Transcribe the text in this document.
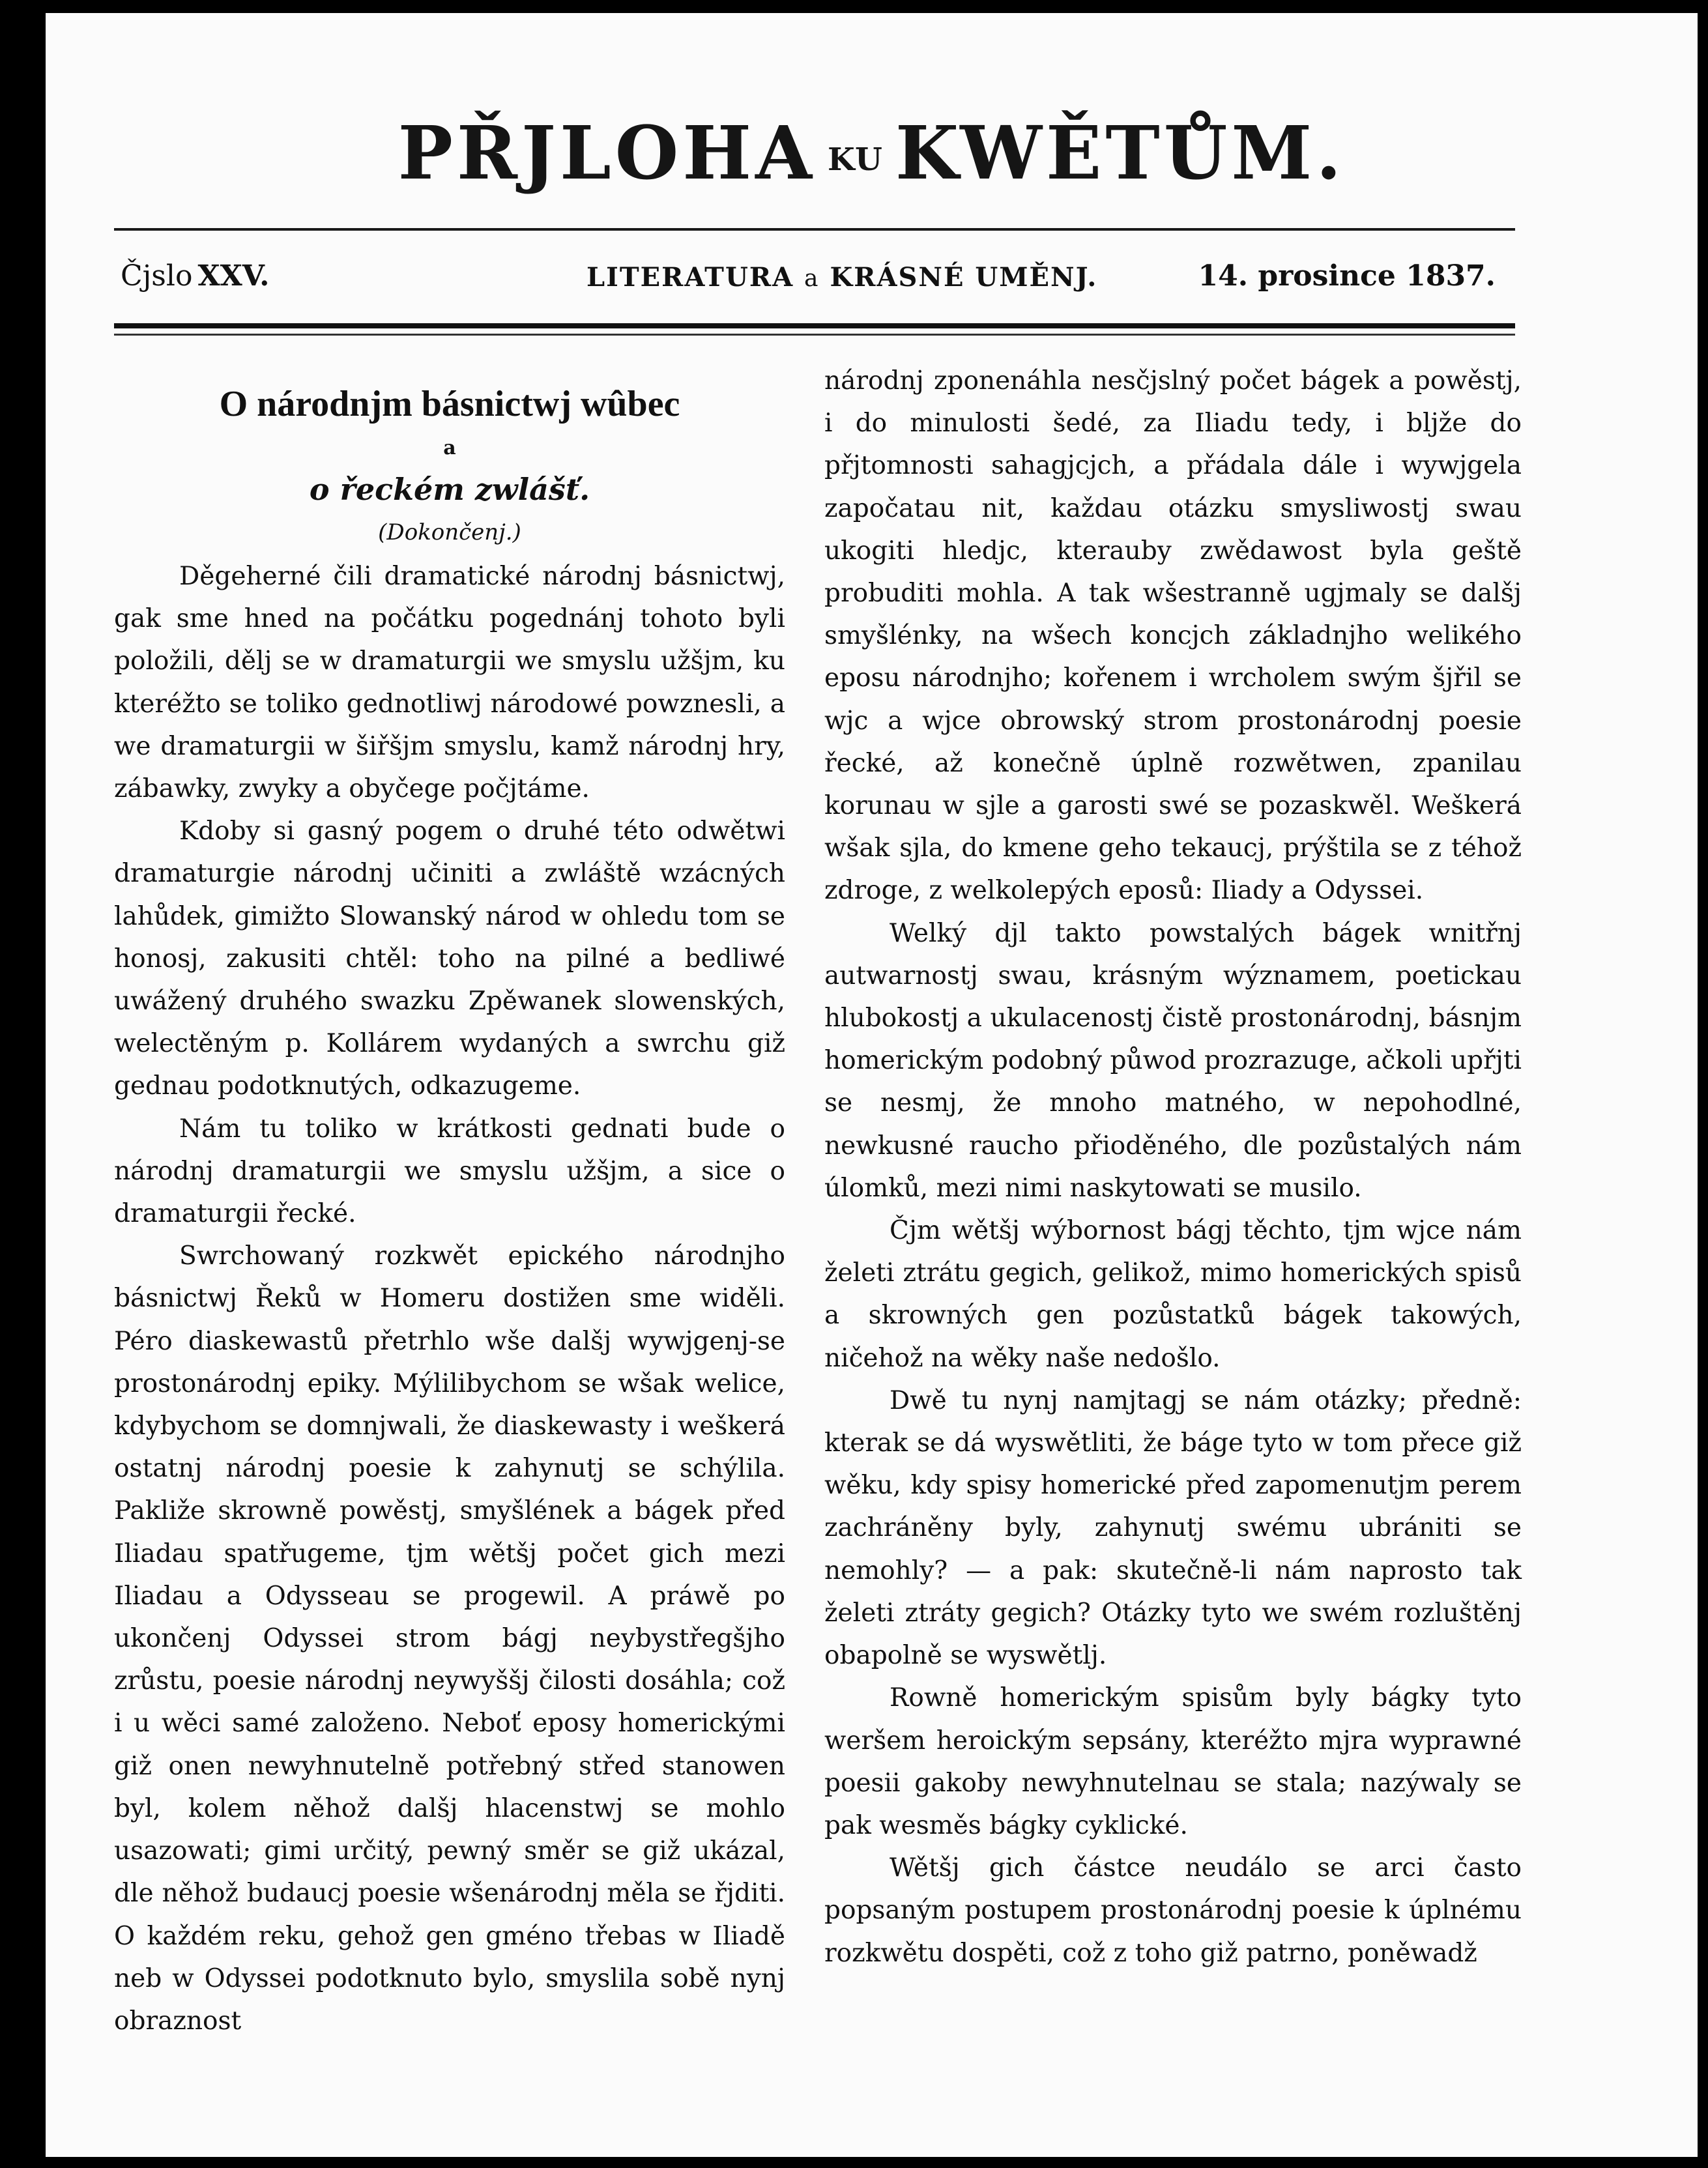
PŘJLOHA KU KWĚTŮM.
Čjslo XXV.	LITERATURA a KRÁSNÉ UMĚNJ.	14. prosince 1837.
O národnjm básnictwj wûbec
a
o řeckém zwlášť.
(Dokončenj.)

Děgeherné čili dramatické národnj básnictwj, gak sme hned na počátku pogednánj tohoto byli položili, dělj se w dramaturgii we smyslu užšjm, ku kteréžto se toliko gednotliwj národowé powznesli, a we dramaturgii w šiřšjm smyslu, kamž národnj hry, zábawky, zwyky a obyčege počjtáme.

Kdoby si gasný pogem o druhé této odwětwi dramaturgie národnj učiniti a zwláště wzácných lahůdek, gimižto Slowanský národ w ohledu tom se honosj, zakusiti chtěl: toho na pilné a bedliwé uwážený druhého swazku Zpěwanek slowenských, welectěným p. Kollárem wydaných a swrchu giž gednau podotknutých, odkazugeme.

Nám tu toliko w krátkosti gednati bude o národnj dramaturgii we smyslu užšjm, a sice o dramaturgii řecké.

Swrchowaný rozkwět epického národnjho básnictwj Řeků w Homeru dostižen sme widěli. Péro diaskewastů přetrhlo wše dalšj wywjgenj-se prostonárodnj epiky. Mýlilibychom se wšak welice, kdybychom se domnjwali, že diaskewasty i weškerá ostatnj národnj poesie k zahynutj se schýlila. Pakliže skrowně powěstj, smyšlének a bágek před Iliadau spatřugeme, tjm wětšj počet gich mezi Iliadau a Odysseau se progewil. A práwě po ukončenj Odyssei strom bágj neybystřegšjho zrůstu, poesie národnj neywyššj čilosti dosáhla; což i u wěci samé založeno. Neboť eposy homerickými giž onen newyhnutelně potřebný střed stanowen byl, kolem něhož dalšj hlacenstwj se mohlo usazowati; gimi určitý, pewný směr se giž ukázal, dle něhož budaucj poesie wšenárodnj měla se řjditi. O každém reku, gehož gen gméno třebas w Iliadě neb w Odyssei podotknuto bylo, smyslila sobě nynj obraznost

národnj zponenáhla nesčjslný počet bágek a powěstj, i do minulosti šedé, za Iliadu tedy, i bljže do přjtomnosti sahagjcjch, a přádala dále i wywjgela započatau nit, každau otázku smysliwostj swau ukogiti hledjc, kterauby zwědawost byla geště probuditi mohla. A tak wšestranně ugjmaly se dalšj smyšlénky, na wšech koncjch základnjho welikého eposu národnjho; kořenem i wrcholem swým šjřil se wjc a wjce obrowský strom prostonárodnj poesie řecké, až konečně úplně rozwětwen, zpanilau korunau w sjle a garosti swé se pozaskwěl. Weškerá wšak sjla, do kmene geho tekaucj, prýštila se z téhož zdroge, z welkolepých eposů: Iliady a Odyssei.

Welký djl takto powstalých bágek wnitřnj autwarnostj swau, krásným wýznamem, poetickau hlubokostj a ukulacenostj čistě prostonárodnj, básnjm homerickým podobný půwod prozrazuge, ačkoli upřjti se nesmj, že mnoho matného, w nepohodlné, newkusné raucho přioděného, dle pozůstalých nám úlomků, mezi nimi naskytowati se musilo.

Čjm wětšj wýbornost bágj těchto, tjm wjce nám želeti ztrátu gegich, gelikož, mimo homerických spisů a skrowných gen pozůstatků bágek takowých, ničehož na wěky naše nedošlo.

Dwě tu nynj namjtagj se nám otázky; předně: kterak se dá wyswětliti, že báge tyto w tom přece giž wěku, kdy spisy homerické před zapomenutjm perem zachráněny byly, zahynutj swému ubrániti se nemohly? — a pak: skutečně-li nám naprosto tak želeti ztráty gegich? Otázky tyto we swém rozluštěnj obapolně se wyswětlj.

Rowně homerickým spisům byly bágky tyto weršem heroickým sepsány, kteréžto mjra wyprawné poesii gakoby newyhnutelnau se stala; nazýwaly se pak wesměs bágky cyklické.

Wětšj gich částce neudálo se arci často popsaným postupem prostonárodnj poesie k úplnému rozkwětu dospěti, což z toho giž patrno, poněwadž
